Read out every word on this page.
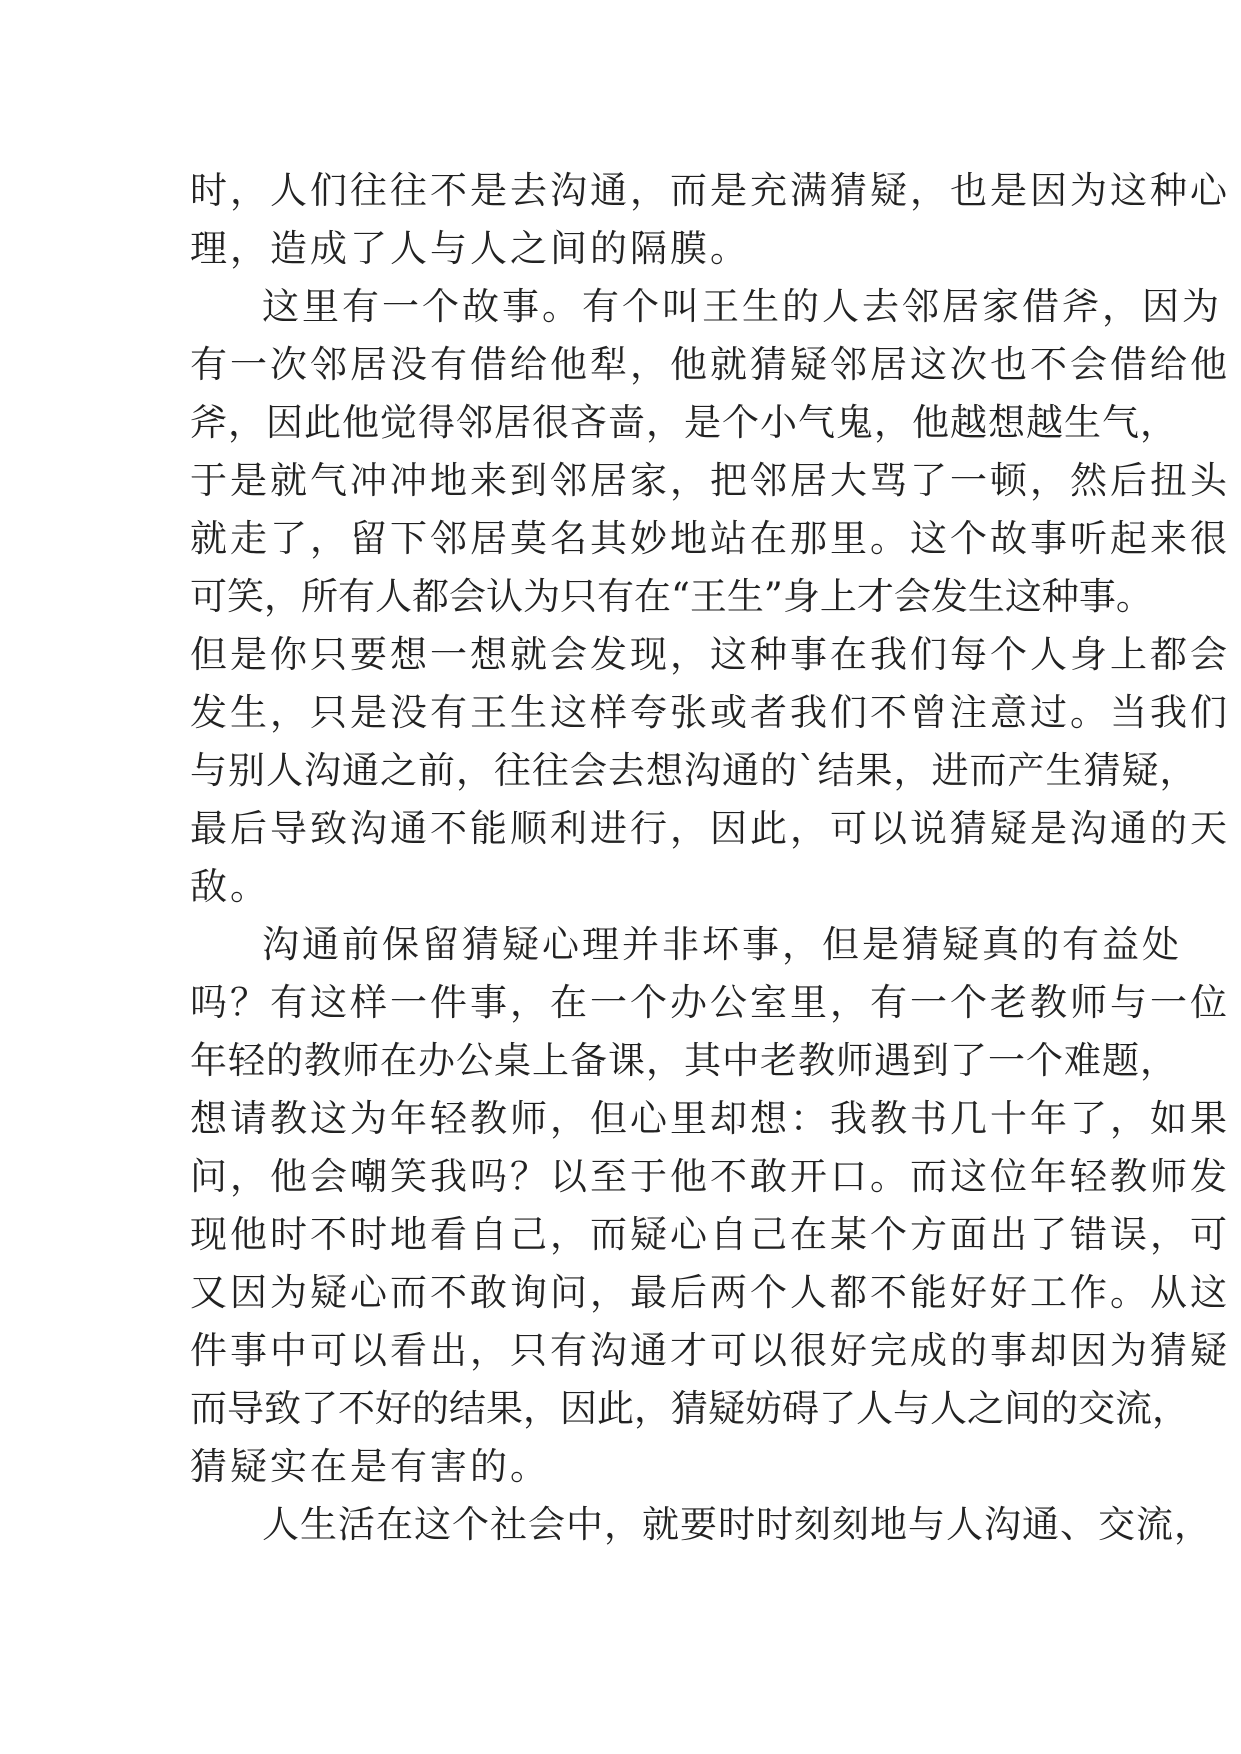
时，人们往往不是去沟通，而是充满猜疑，也是因为这种心
理，造成了人与人之间的隔膜。
这里有一个故事。有个叫王生的人去邻居家借斧，因为
有一次邻居没有借给他犁，他就猜疑邻居这次也不会借给他
斧，因此他觉得邻居很吝啬，是个小气鬼，他越想越生气，
于是就气冲冲地来到邻居家，把邻居大骂了一顿，然后扭头
就走了，留下邻居莫名其妙地站在那里。这个故事听起来很
可笑，所有人都会认为只有在“王生”身上才会发生这种事。
但是你只要想一想就会发现，这种事在我们每个人身上都会
发生，只是没有王生这样夸张或者我们不曾注意过。当我们
与别人沟通之前，往往会去想沟通的`结果，进而产生猜疑，
最后导致沟通不能顺利进行，因此，可以说猜疑是沟通的天
敌。
沟通前保留猜疑心理并非坏事，但是猜疑真的有益处
吗？有这样一件事，在一个办公室里，有一个老教师与一位
年轻的教师在办公桌上备课，其中老教师遇到了一个难题，
想请教这为年轻教师，但心里却想：我教书几十年了，如果
问，他会嘲笑我吗？以至于他不敢开口。而这位年轻教师发
现他时不时地看自己，而疑心自己在某个方面出了错误，可
又因为疑心而不敢询问，最后两个人都不能好好工作。从这
件事中可以看出，只有沟通才可以很好完成的事却因为猜疑
而导致了不好的结果，因此，猜疑妨碍了人与人之间的交流，
猜疑实在是有害的。
人生活在这个社会中，就要时时刻刻地与人沟通、交流，
